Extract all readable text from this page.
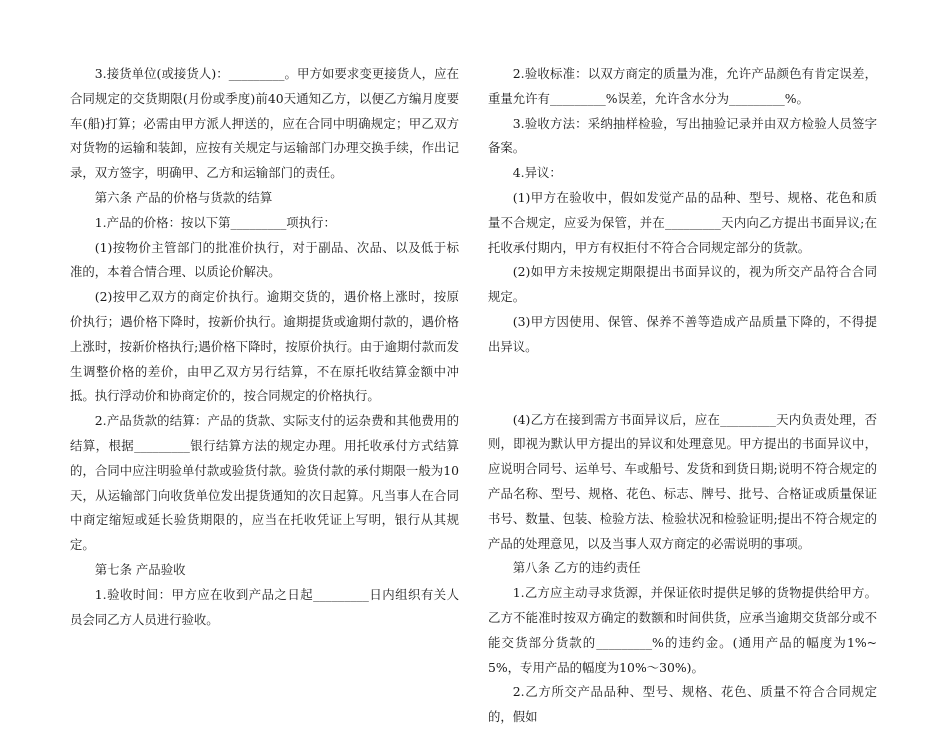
3.接货单位(或接货人)：_________。甲方如要求变更接货人，应在合同规定的交货期限(月份或季度)前40天通知乙方，以便乙方编月度要车(船)打算；必需由甲方派人押送的，应在合同中明确规定；甲乙双方对货物的运输和装卸，应按有关规定与运输部门办理交换手续，作出记录，双方签字，明确甲、乙方和运输部门的责任。

第六条 产品的价格与货款的结算

1.产品的价格：按以下第_________项执行：

(1)按物价主管部门的批准价执行，对于副品、次品、以及低于标准的，本着合情合理、以质论价解决。

(2)按甲乙双方的商定价执行。逾期交货的，遇价格上涨时，按原价执行；遇价格下降时，按新价执行。逾期提货或逾期付款的，遇价格上涨时，按新价格执行;遇价格下降时，按原价执行。由于逾期付款而发生调整价格的差价，由甲乙双方另行结算，不在原托收结算金额中冲抵。执行浮动价和协商定价的，按合同规定的价格执行。

2.产品货款的结算：产品的货款、实际支付的运杂费和其他费用的结算，根据_________银行结算方法的规定办理。用托收承付方式结算的，合同中应注明验单付款或验货付款。验货付款的承付期限一般为10天，从运输部门向收货单位发出提货通知的次日起算。凡当事人在合同中商定缩短或延长验货期限的，应当在托收凭证上写明，银行从其规定。

第七条 产品验收

1.验收时间：甲方应在收到产品之日起_________日内组织有关人员会同乙方人员进行验收。

2.验收标准：以双方商定的质量为准，允许产品颜色有肯定误差，重量允许有_________%误差，允许含水分为_________%。

3.验收方法：采纳抽样检验，写出抽验记录并由双方检验人员签字备案。

4.异议：

(1)甲方在验收中，假如发觉产品的品种、型号、规格、花色和质量不合规定，应妥为保管，并在_________天内向乙方提出书面异议;在托收承付期内，甲方有权拒付不符合合同规定部分的货款。

(2)如甲方未按规定期限提出书面异议的，视为所交产品符合合同规定。

(3)甲方因使用、保管、保养不善等造成产品质量下降的，不得提出异议。

(4)乙方在接到需方书面异议后，应在_________天内负责处理，否则，即视为默认甲方提出的异议和处理意见。甲方提出的书面异议中，应说明合同号、运单号、车或船号、发货和到货日期;说明不符合规定的产品名称、型号、规格、花色、标志、牌号、批号、合格证或质量保证书号、数量、包装、检验方法、检验状况和检验证明;提出不符合规定的产品的处理意见，以及当事人双方商定的必需说明的事项。

第八条 乙方的违约责任

1.乙方应主动寻求货源，并保证依时提供足够的货物提供给甲方。乙方不能准时按双方确定的数额和时间供货，应承当逾期交货部分或不能交货部分货款的_________%的违约金。(通用产品的幅度为1%~5%，专用产品的幅度为10%～30%)。

2.乙方所交产品品种、型号、规格、花色、质量不符合合同规定的，假如
